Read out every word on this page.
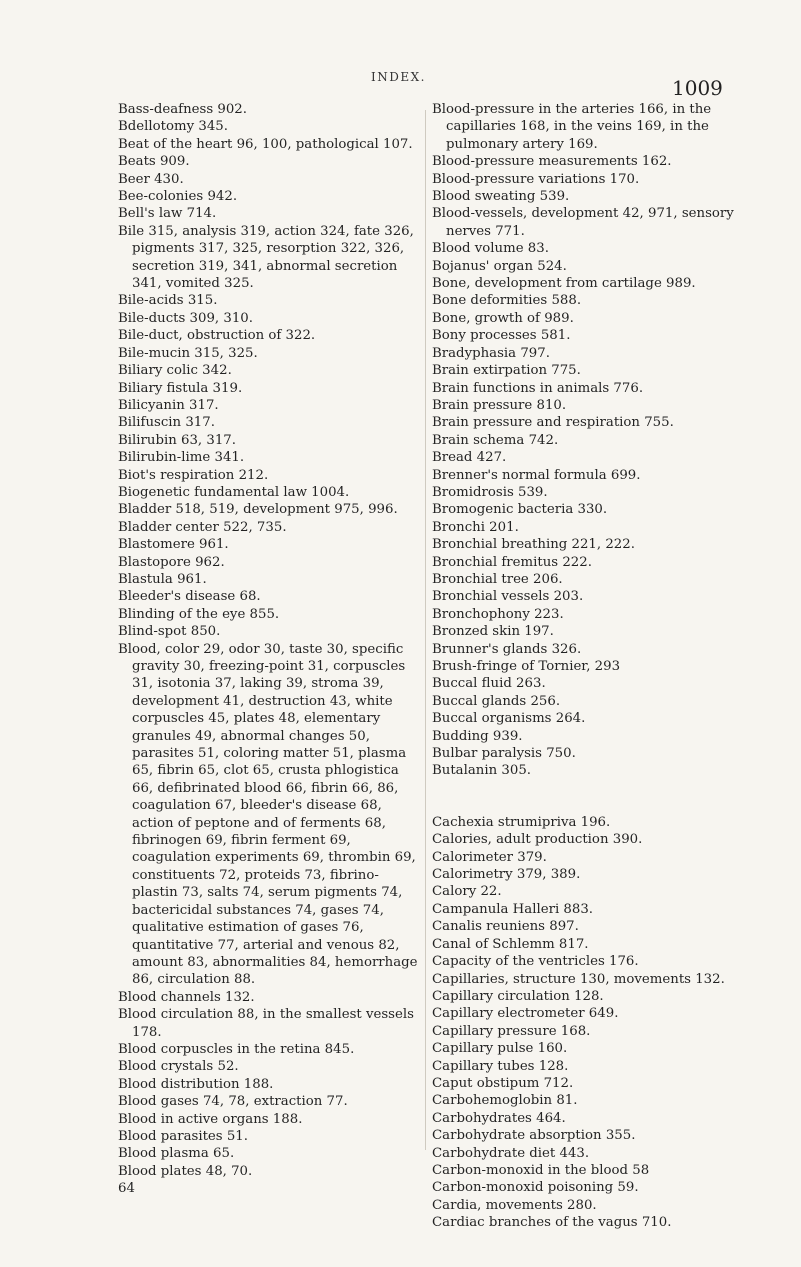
INDEX.	1009

Bass-deafness 902.

Bdellotomy 345.

Beat of the heart 96, 100, pathological 107.

Beats 909.

Beer 430.

Bee-colonies 942.

Bell's law 714.

Bile 315, analysis 319, action 324, fate 326, pigments 317, 325, resorption 322, 326, secretion 319, 341, abnormal secretion 341, vomited 325.

Bile-acids 315.

Bile-ducts 309, 310.

Bile-duct, obstruction of 322.

Bile-mucin 315, 325.

Biliary colic 342.

Biliary fistula 319.

Bilicyanin 317.

Bilifuscin 317.

Bilirubin 63, 317.

Bilirubin-lime 341.

Biot's respiration 212.

Biogenetic fundamental law 1004.

Bladder 518, 519, development 975, 996.

Bladder center 522, 735.

Blastomere 961.

Blastopore 962.

Blastula 961.

Bleeder's disease 68.

Blinding of the eye 855.

Blind-spot 850.

Blood, color 29, odor 30, taste 30, specific gravity 30, freezing-point 31, corpuscles 31, isotonia 37, laking 39, stroma 39, development 41, destruction 43, white corpuscles 45, plates 48, elementary granules 49, abnormal changes 50, parasites 51, coloring matter 51, plasma 65, fibrin 65, clot 65, crusta phlogistica 66, defibrinated blood 66, fibrin 66, 86, coagulation 67, bleeder's disease 68, action of peptone and of ferments 68, fibrinogen 69, fibrin ferment 69, coagulation experiments 69, thrombin 69, constituents 72, proteids 73, fibrino-plastin 73, salts 74, serum pigments 74, bactericidal substances 74, gases 74, qualitative estimation of gases 76, quantitative 77, arterial and venous 82, amount 83, abnormalities 84, hemorrhage 86, circulation 88.

Blood channels 132.

Blood circulation 88, in the smallest vessels 178.

Blood corpuscles in the retina 845.

Blood crystals 52.

Blood distribution 188.

Blood gases 74, 78, extraction 77.

Blood in active organs 188.

Blood parasites 51.

Blood plasma 65.

Blood plates 48, 70.

64

Blood-pressure in the arteries 166, in the capillaries 168, in the veins 169, in the pulmonary artery 169.

Blood-pressure measurements 162.

Blood-pressure variations 170.

Blood sweating 539.

Blood-vessels, development 42, 971, sensory nerves 771.

Blood volume 83.

Bojanus' organ 524.

Bone, development from cartilage 989.

Bone deformities 588.

Bone, growth of 989.

Bony processes 581.

Bradyphasia 797.

Brain extirpation 775.

Brain functions in animals 776.

Brain pressure 810.

Brain pressure and respiration 755.

Brain schema 742.

Bread 427.

Brenner's normal formula 699.

Bromidrosis 539.

Bromogenic bacteria 330.

Bronchi 201.

Bronchial breathing 221, 222.

Bronchial fremitus 222.

Bronchial tree 206.

Bronchial vessels 203.

Bronchophony 223.

Bronzed skin 197.

Brunner's glands 326.

Brush-fringe of Tornier, 293

Buccal fluid 263.

Buccal glands 256.

Buccal organisms 264.

Budding 939.

Bulbar paralysis 750.

Butalanin 305.

Cachexia strumipriva 196.

Calories, adult production 390.

Calorimeter 379.

Calorimetry 379, 389.

Calory 22.

Campanula Halleri 883.

Canalis reuniens 897.

Canal of Schlemm 817.

Capacity of the ventricles 176.

Capillaries, structure 130, movements 132.

Capillary circulation 128.

Capillary electrometer 649.

Capillary pressure 168.

Capillary pulse 160.

Capillary tubes 128.

Caput obstipum 712.

Carbohemoglobin 81.

Carbohydrates 464.

Carbohydrate absorption 355.

Carbohydrate diet 443.

Carbon-monoxid in the blood 58

Carbon-monoxid poisoning 59.

Cardia, movements 280.

Cardiac branches of the vagus 710.
